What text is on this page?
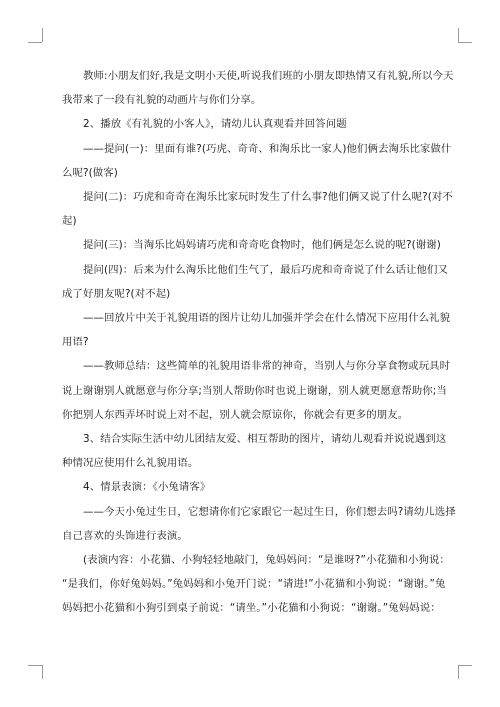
教师:小朋友们好,我是文明小天使,听说我们班的小朋友即热情又有礼貌,所以今天
我带来了一段有礼貌的动画片与你们分享。

2、播放《有礼貌的小客人》，请幼儿认真观看并回答问题

——提问(一)：里面有谁?(巧虎、奇奇、和淘乐比一家人)他们俩去淘乐比家做什
么呢?(做客)

提问(二)：巧虎和奇奇在淘乐比家玩时发生了什么事?他们俩又说了什么呢?(对不
起)

提问(三)：当淘乐比妈妈请巧虎和奇奇吃食物时，他们俩是怎么说的呢?(谢谢)

提问(四)：后来为什么淘乐比他们生气了，最后巧虎和奇奇说了什么话让他们又
成了好朋友呢?(对不起)

——回放片中关于礼貌用语的图片让幼儿加强并学会在什么情况下应用什么礼貌
用语?

——教师总结：这些简单的礼貌用语非常的神奇，当别人与你分享食物或玩具时
说上谢谢别人就愿意与你分享;当别人帮助你时也说上谢谢，别人就更愿意帮助你;当
你把别人东西弄坏时说上对不起，别人就会原谅你，你就会有更多的朋友。

3、结合实际生活中幼儿团结友爱、相互帮助的图片，请幼儿观看并说说遇到这
种情况应使用什么礼貌用语。

4、情景表演：《小兔请客》

——今天小兔过生日，它想请你们它家跟它一起过生日，你们想去吗?请幼儿选择
自己喜欢的头饰进行表演。

(表演内容：小花猫、小狗轻轻地敲门，兔妈妈问：“是谁呀?”小花猫和小狗说：
“是我们，你好兔妈妈。”兔妈妈和小兔开门说：“请进!”小花猫和小狗说：“谢谢。”兔
妈妈把小花猫和小狗引到桌子前说：“请坐。”小花猫和小狗说：“谢谢。”兔妈妈说：
